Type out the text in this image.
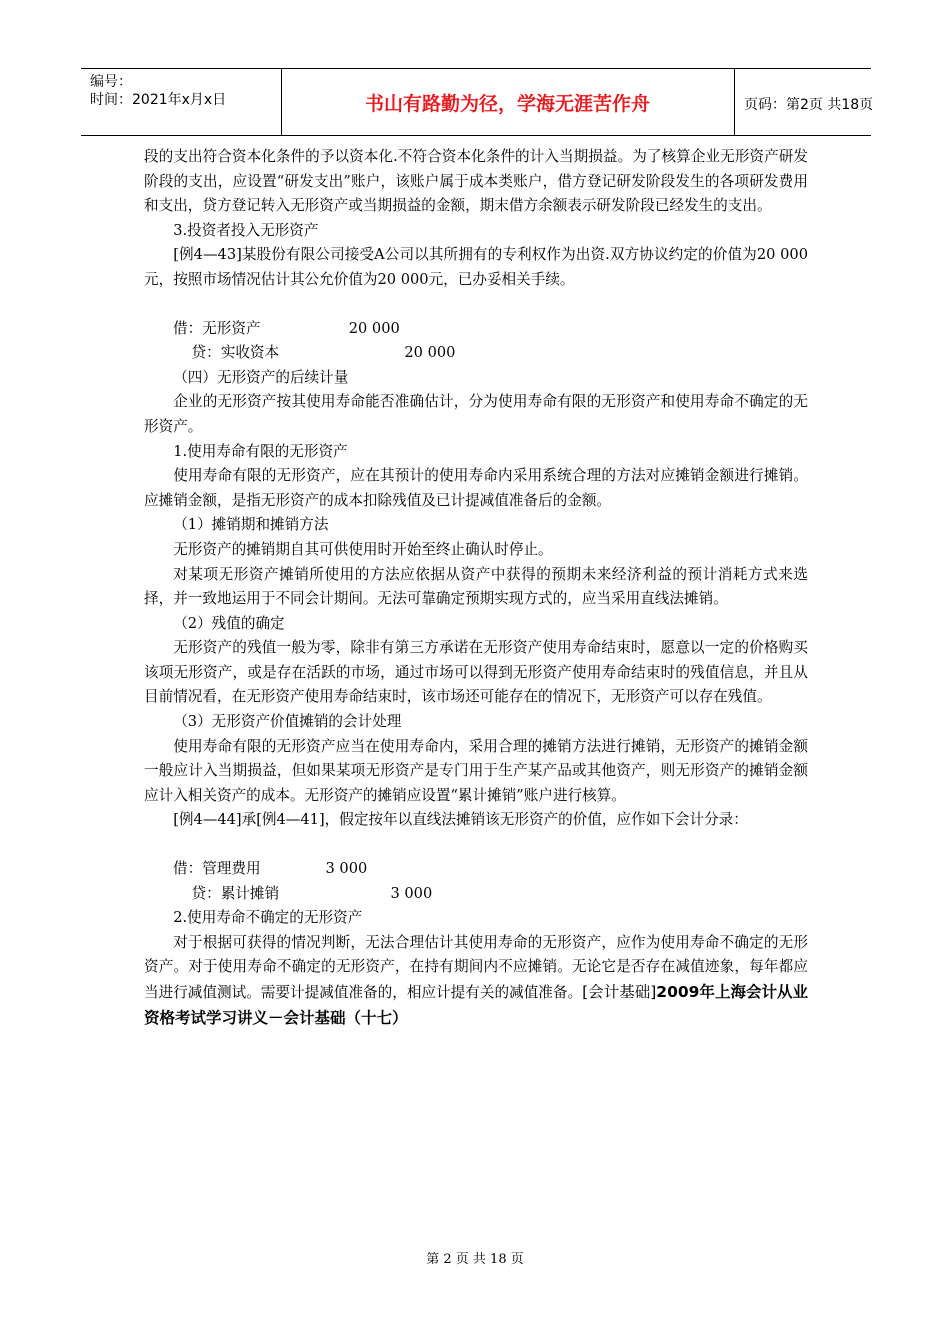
编号：
时间：2021年x月x日	书山有路勤为径，学海无涯苦作舟	页码：第2页 共18页

段的支出符合资本化条件的予以资本化.不符合资本化条件的计入当期损益。为了核算企业无形资产研发阶段的支出，应设置“研发支出”账户，该账户属于成本类账户，借方登记研发阶段发生的各项研发费用和支出，贷方登记转入无形资产或当期损益的金额，期末借方余额表示研发阶段已经发生的支出。

3.投资者投入无形资产

[例4—43]某股份有限公司接受A公司以其所拥有的专利权作为出资.双方协议约定的价值为20 000元，按照市场情况估计其公允价值为20 000元，已办妥相关手续。

借：无形资产                   20 000

贷：实收资本                           20 000

（四）无形资产的后续计量

企业的无形资产按其使用寿命能否准确估计，分为使用寿命有限的无形资产和使用寿命不确定的无形资产。

1.使用寿命有限的无形资产

使用寿命有限的无形资产，应在其预计的使用寿命内采用系统合理的方法对应摊销金额进行摊销。应摊销金额，是指无形资产的成本扣除残值及已计提减值准备后的金额。

（1）摊销期和摊销方法

无形资产的摊销期自其可供使用时开始至终止确认时停止。

对某项无形资产摊销所使用的方法应依据从资产中获得的预期未来经济利益的预计消耗方式来选择，并一致地运用于不同会计期间。无法可靠确定预期实现方式的，应当采用直线法摊销。

（2）残值的确定

无形资产的残值一般为零，除非有第三方承诺在无形资产使用寿命结束时，愿意以一定的价格购买该项无形资产，或是存在活跃的市场，通过市场可以得到无形资产使用寿命结束时的残值信息，并且从目前情况看，在无形资产使用寿命结束时，该市场还可能存在的情况下，无形资产可以存在残值。

（3）无形资产价值摊销的会计处理

使用寿命有限的无形资产应当在使用寿命内，采用合理的摊销方法进行摊销，无形资产的摊销金额一般应计入当期损益，但如果某项无形资产是专门用于生产某产品或其他资产，则无形资产的摊销金额应计入相关资产的成本。无形资产的摊销应设置“累计摊销”账户进行核算。

[例4—44]承[例4—41]，假定按年以直线法摊销该无形资产的价值，应作如下会计分录：

借：管理费用              3 000

贷：累计摊销                        3 000

2.使用寿命不确定的无形资产

对于根据可获得的情况判断，无法合理估计其使用寿命的无形资产，应作为使用寿命不确定的无形资产。对于使用寿命不确定的无形资产，在持有期间内不应摊销。无论它是否存在减值迹象，每年都应当进行减值测试。需要计提减值准备的，相应计提有关的减值准备。[会计基础]2009年上海会计从业资格考试学习讲义－会计基础（十七）

第 2 页 共 18 页
